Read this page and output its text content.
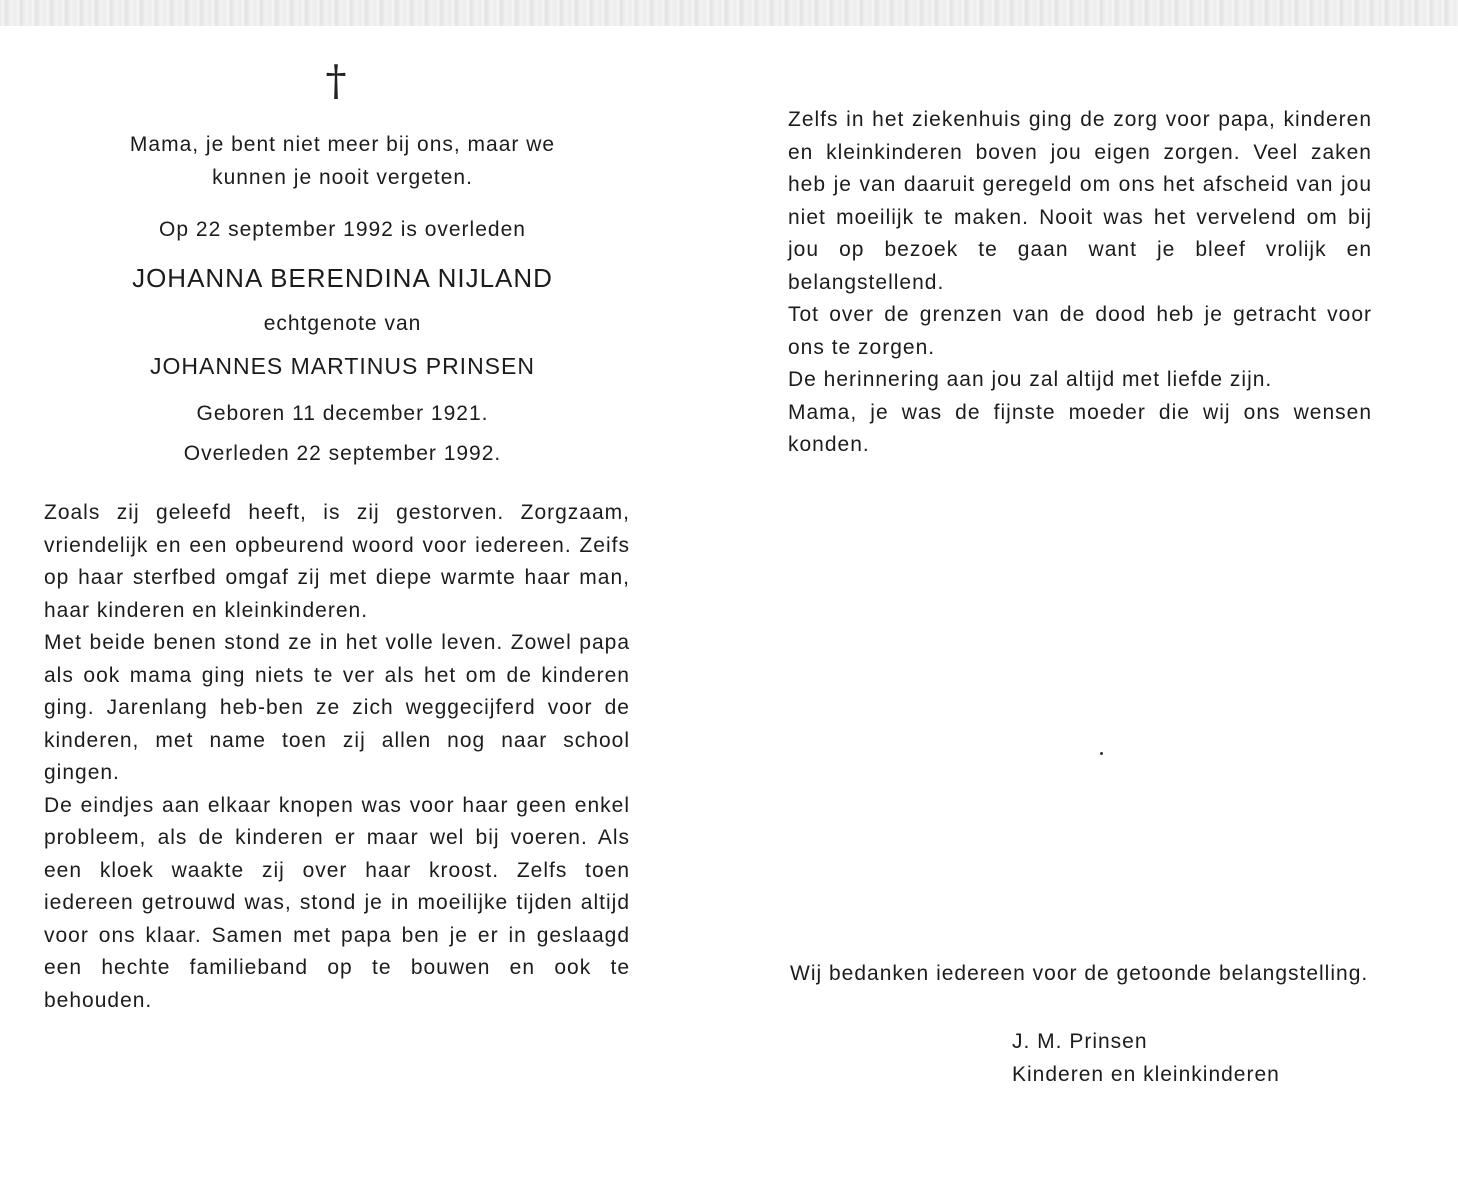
†
Mama, je bent niet meer bij ons, maar we
kunnen je nooit vergeten.
Op 22 september 1992 is overleden
JOHANNA BERENDINA NIJLAND
echtgenote van
JOHANNES MARTINUS PRINSEN
Geboren 11 december 1921.
Overleden 22 september 1992.

Zoals zij geleefd heeft, is zij gestorven. Zorgzaam, vriendelijk en een opbeurend woord voor iedereen. Zeifs op haar sterfbed omgaf zij met diepe warmte haar man, haar kinderen en kleinkinderen.

Met beide benen stond ze in het volle leven. Zowel papa als ook mama ging niets te ver als het om de kinderen ging. Jarenlang heb-ben ze zich weggecijferd voor de kinderen, met name toen zij allen nog naar school gingen.

De eindjes aan elkaar knopen was voor haar geen enkel probleem, als de kinderen er maar wel bij voeren. Als een kloek waakte zij over haar kroost. Zelfs toen iedereen getrouwd was, stond je in moeilijke tijden altijd voor ons klaar. Samen met papa ben je er in geslaagd een hechte familieband op te bouwen en ook te behouden.

Zelfs in het ziekenhuis ging de zorg voor papa, kinderen en kleinkinderen boven jou eigen zorgen. Veel zaken heb je van daaruit geregeld om ons het afscheid van jou niet moeilijk te maken. Nooit was het vervelend om bij jou op bezoek te gaan want je bleef vrolijk en belangstellend.

Tot over de grenzen van de dood heb je getracht voor ons te zorgen.

De herinnering aan jou zal altijd met liefde zijn.

Mama, je was de fijnste moeder die wij ons wensen konden.

Wij bedanken iedereen voor de getoonde belangstelling.
J. M. Prinsen
Kinderen en kleinkinderen
